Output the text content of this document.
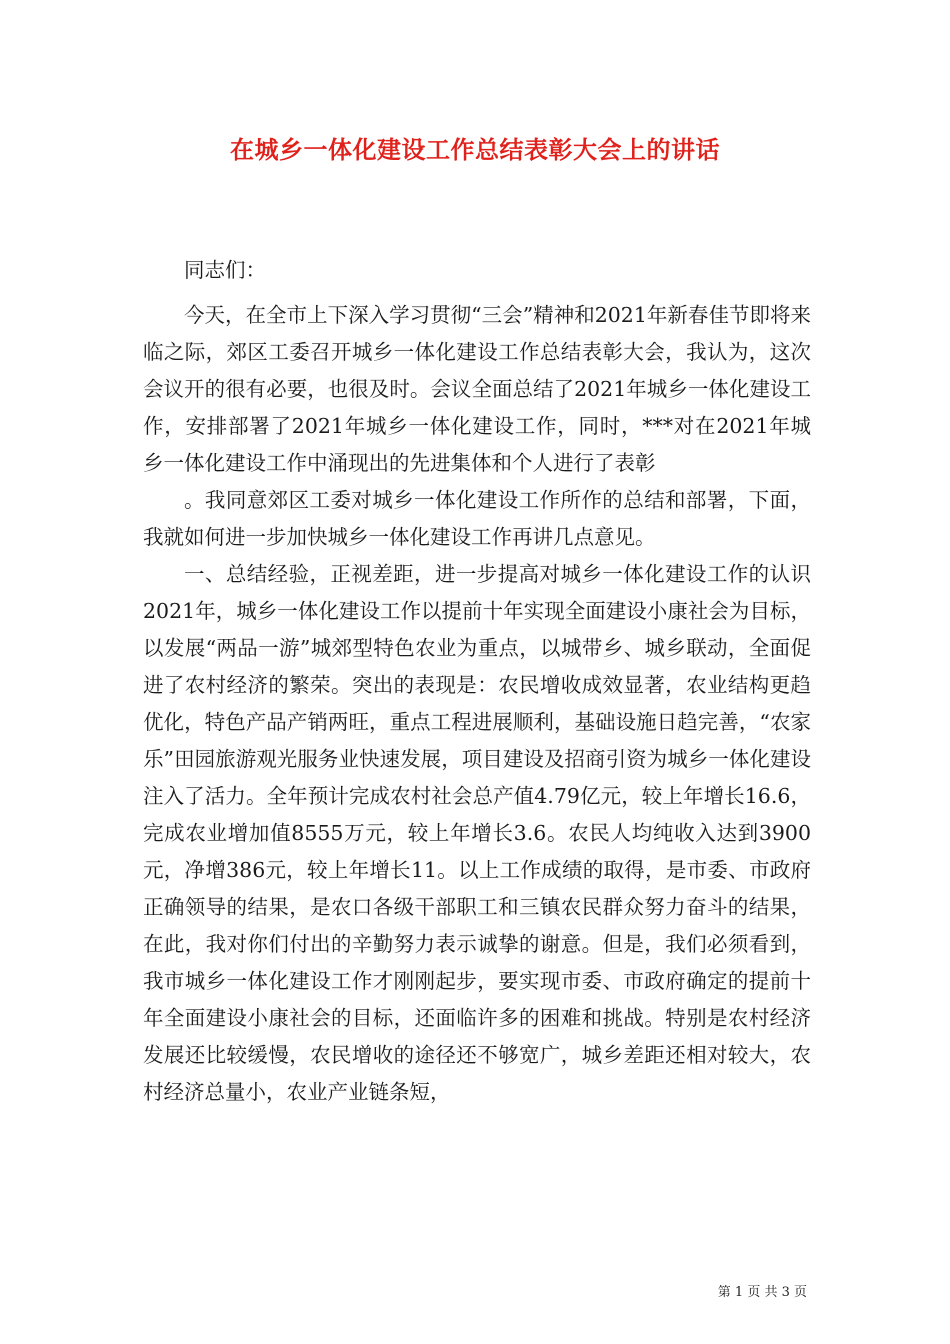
在城乡一体化建设工作总结表彰大会上的讲话

同志们：

今天，在全市上下深入学习贯彻“三会”精神和2021年新春佳节即将来临之际，郊区工委召开城乡一体化建设工作总结表彰大会，我认为，这次会议开的很有必要，也很及时。会议全面总结了2021年城乡一体化建设工作，安排部署了2021年城乡一体化建设工作，同时，***对在2021年城乡一体化建设工作中涌现出的先进集体和个人进行了表彰

。我同意郊区工委对城乡一体化建设工作所作的总结和部署，下面，我就如何进一步加快城乡一体化建设工作再讲几点意见。

一、总结经验，正视差距，进一步提高对城乡一体化建设工作的认识2021年，城乡一体化建设工作以提前十年实现全面建设小康社会为目标，以发展“两品一游”城郊型特色农业为重点，以城带乡、城乡联动，全面促进了农村经济的繁荣。突出的表现是：农民增收成效显著，农业结构更趋优化，特色产品产销两旺，重点工程进展顺利，基础设施日趋完善，“农家乐”田园旅游观光服务业快速发展，项目建设及招商引资为城乡一体化建设注入了活力。全年预计完成农村社会总产值4.79亿元，较上年增长16.6，完成农业增加值8555万元，较上年增长3.6。农民人均纯收入达到3900元，净增386元，较上年增长11。以上工作成绩的取得，是市委、市政府正确领导的结果，是农口各级干部职工和三镇农民群众努力奋斗的结果，在此，我对你们付出的辛勤努力表示诚挚的谢意。但是，我们必须看到，我市城乡一体化建设工作才刚刚起步，要实现市委、市政府确定的提前十年全面建设小康社会的目标，还面临许多的困难和挑战。特别是农村经济发展还比较缓慢，农民增收的途径还不够宽广，城乡差距还相对较大，农村经济总量小，农业产业链条短，

第 1 页 共 3 页
